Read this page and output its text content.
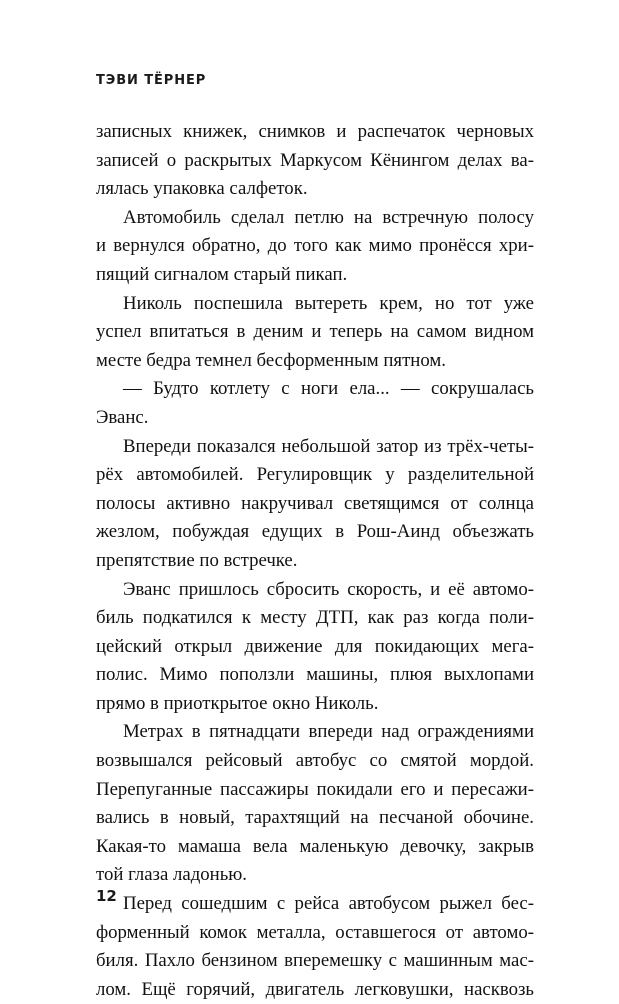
ТЭВИ ТЁРНЕР
записных книжек, снимков и распечаток черновых
записей о раскрытых Маркусом Кёнингом делах ва-
лялась упаковка салфеток.
Автомобиль сделал петлю на встречную полосу
и вернулся обратно, до того как мимо пронёсся хри-
пящий сигналом старый пикап.
Николь поспешила вытереть крем, но тот уже
успел впитаться в деним и теперь на самом видном
месте бедра темнел бесформенным пятном.
— Будто котлету с ноги ела... — сокрушалась
Эванс.
Впереди показался небольшой затор из трёх-четы-
рёх автомобилей. Регулировщик у разделительной
полосы активно накручивал светящимся от солнца
жезлом, побуждая едущих в Рош-Аинд объезжать
препятствие по встречке.
Эванс пришлось сбросить скорость, и её автомо-
биль подкатился к месту ДТП, как раз когда поли-
цейский открыл движение для покидающих мега-
полис. Мимо поползли машины, плюя выхлопами
прямо в приоткрытое окно Николь.
Метрах в пятнадцати впереди над ограждениями
возвышался рейсовый автобус со смятой мордой.
Перепуганные пассажиры покидали его и пересажи-
вались в новый, тарахтящий на песчаной обочине.
Какая-то мамаша вела маленькую девочку, закрыв
той глаза ладонью.
Перед сошедшим с рейса автобусом рыжел бес-
форменный комок металла, оставшегося от автомо-
биля. Пахло бензином вперемешку с машинным мас-
лом. Ещё горячий, двигатель легковушки, насквозь
12
